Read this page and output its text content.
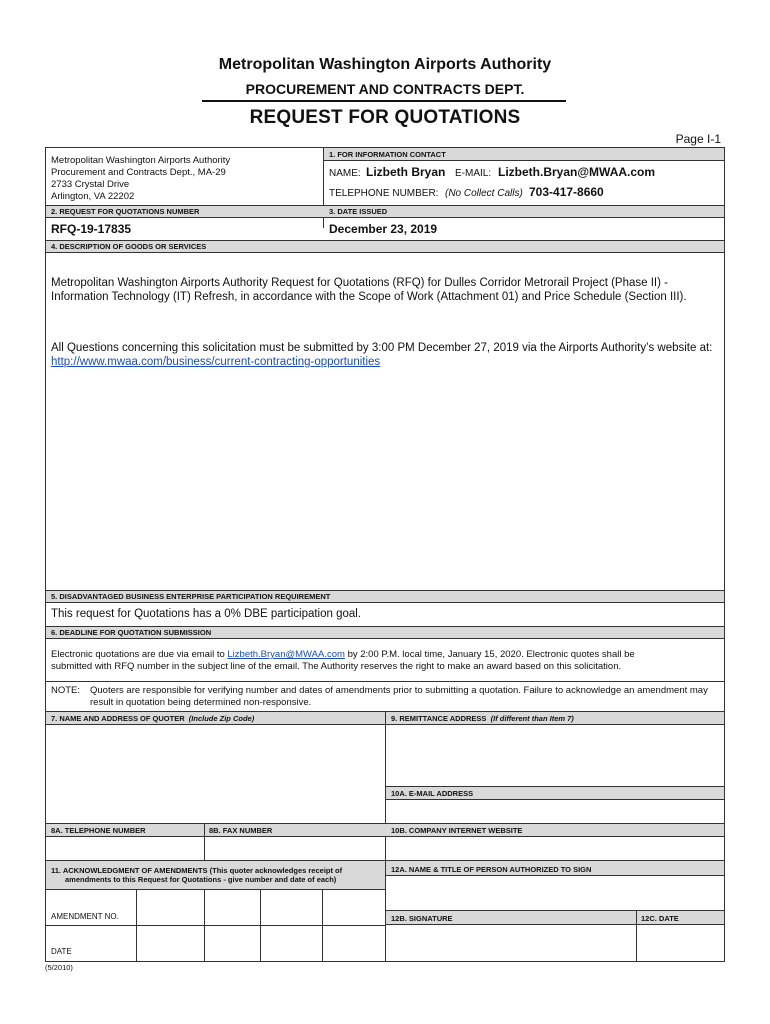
Metropolitan Washington Airports Authority
PROCUREMENT AND CONTRACTS DEPT.
REQUEST FOR QUOTATIONS
Page I-1
Metropolitan Washington Airports Authority
Procurement and Contracts Dept., MA-29
2733 Crystal Drive
Arlington, VA 22202
1. FOR INFORMATION CONTACT
NAME: Lizbeth Bryan E-MAIL: Lizbeth.Bryan@MWAA.com
TELEPHONE NUMBER: (No Collect Calls) 703-417-8660
2. REQUEST FOR QUOTATIONS NUMBER	3. DATE ISSUED
RFQ-19-17835	December 23, 2019
4. DESCRIPTION OF GOODS OR SERVICES
Metropolitan Washington Airports Authority Request for Quotations (RFQ) for Dulles Corridor Metrorail Project (Phase II) - Information Technology (IT) Refresh, in accordance with the Scope of Work (Attachment 01) and Price Schedule (Section III).
All Questions concerning this solicitation must be submitted by 3:00 PM December 27, 2019 via the Airports Authority’s website at: http://www.mwaa.com/business/current-contracting-opportunities
5. DISADVANTAGED BUSINESS ENTERPRISE PARTICIPATION REQUIREMENT
This request for Quotations has a 0% DBE participation goal.
6. DEADLINE FOR QUOTATION SUBMISSION
Electronic quotations are due via email to Lizbeth.Bryan@MWAA.com by 2:00 P.M. local time, January 15, 2020. Electronic quotes shall be
submitted with RFQ number in the subject line of the email. The Authority reserves the right to make an award based on this solicitation.
NOTE: Quoters are responsible for verifying number and dates of amendments prior to submitting a quotation. Failure to acknowledge an amendment may result in quotation being determined non-responsive.
7. NAME AND ADDRESS OF QUOTER (Include Zip Code)	9. REMITTANCE ADDRESS (If different than Item 7)
10A. E-MAIL ADDRESS
8A. TELEPHONE NUMBER	8B. FAX NUMBER	10B. COMPANY INTERNET WEBSITE
11. ACKNOWLEDGMENT OF AMENDMENTS (This quoter acknowledges receipt of
amendments to this Request for Quotations - give number and date of each)
12A. NAME & TITLE OF PERSON AUTHORIZED TO SIGN
AMENDMENT NO.
DATE
12B. SIGNATURE	12C. DATE
(5/2010)
